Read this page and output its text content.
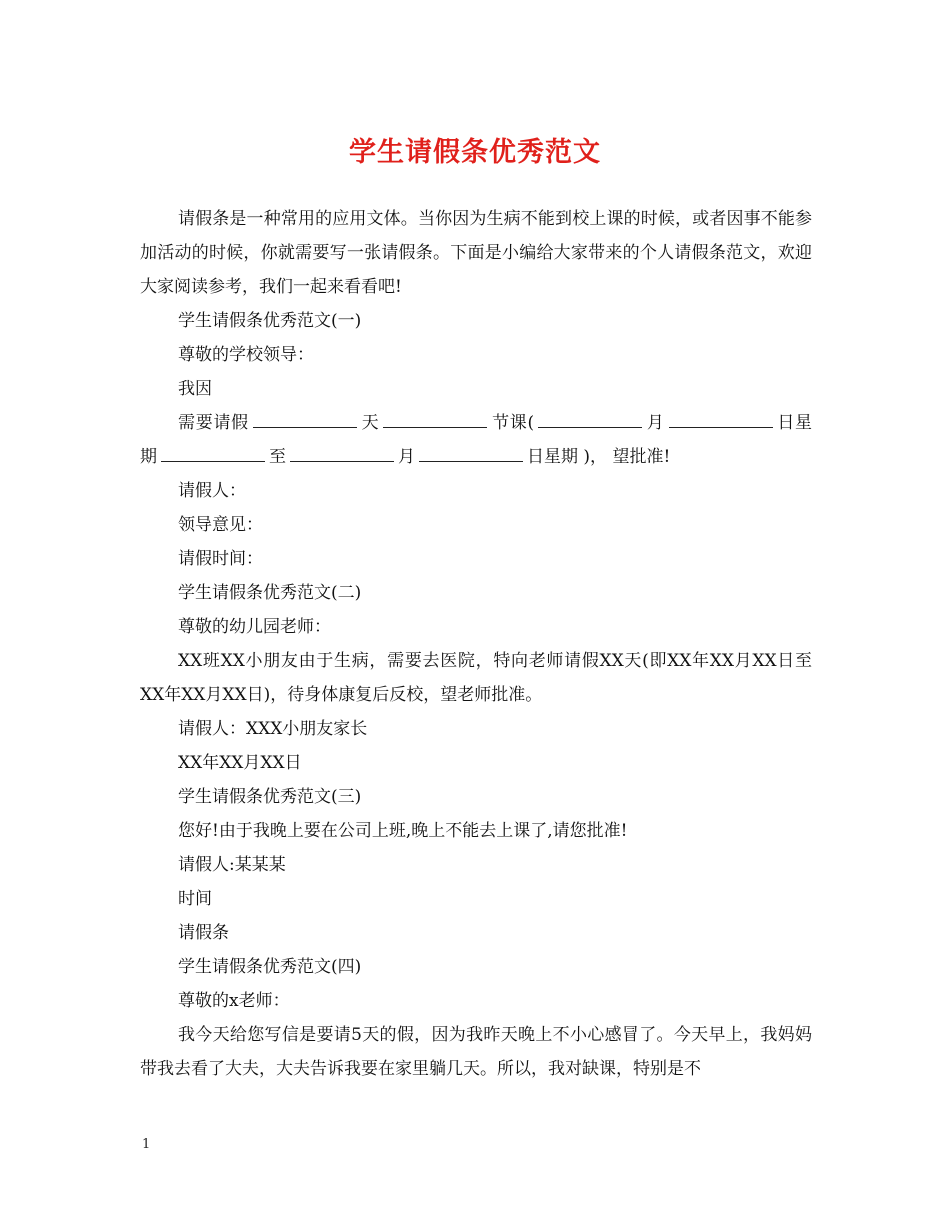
学生请假条优秀范文

请假条是一种常用的应用文体。当你因为生病不能到校上课的时候，或者因事不能参加活动的时候，你就需要写一张请假条。下面是小编给大家带来的个人请假条范文，欢迎大家阅读参考，我们一起来看看吧!

学生请假条优秀范文(一)

尊敬的学校领导：

我因

需要请假	天	节课(	月	日星期	至	月	日星期 )， 望批准!

请假人：

领导意见：

请假时间：

学生请假条优秀范文(二)

尊敬的幼儿园老师：

XX班XX小朋友由于生病，需要去医院，特向老师请假XX天(即XX年XX月XX日至XX年XX月XX日)，待身体康复后反校，望老师批准。

请假人：XXX小朋友家长

XX年XX月XX日

学生请假条优秀范文(三)

您好!由于我晚上要在公司上班,晚上不能去上课了,请您批准!

请假人:某某某

时间

请假条

学生请假条优秀范文(四)

尊敬的x老师：

我今天给您写信是要请5天的假，因为我昨天晚上不小心感冒了。今天早上，我妈妈带我去看了大夫，大夫告诉我要在家里躺几天。所以，我对缺课，特别是不

1
